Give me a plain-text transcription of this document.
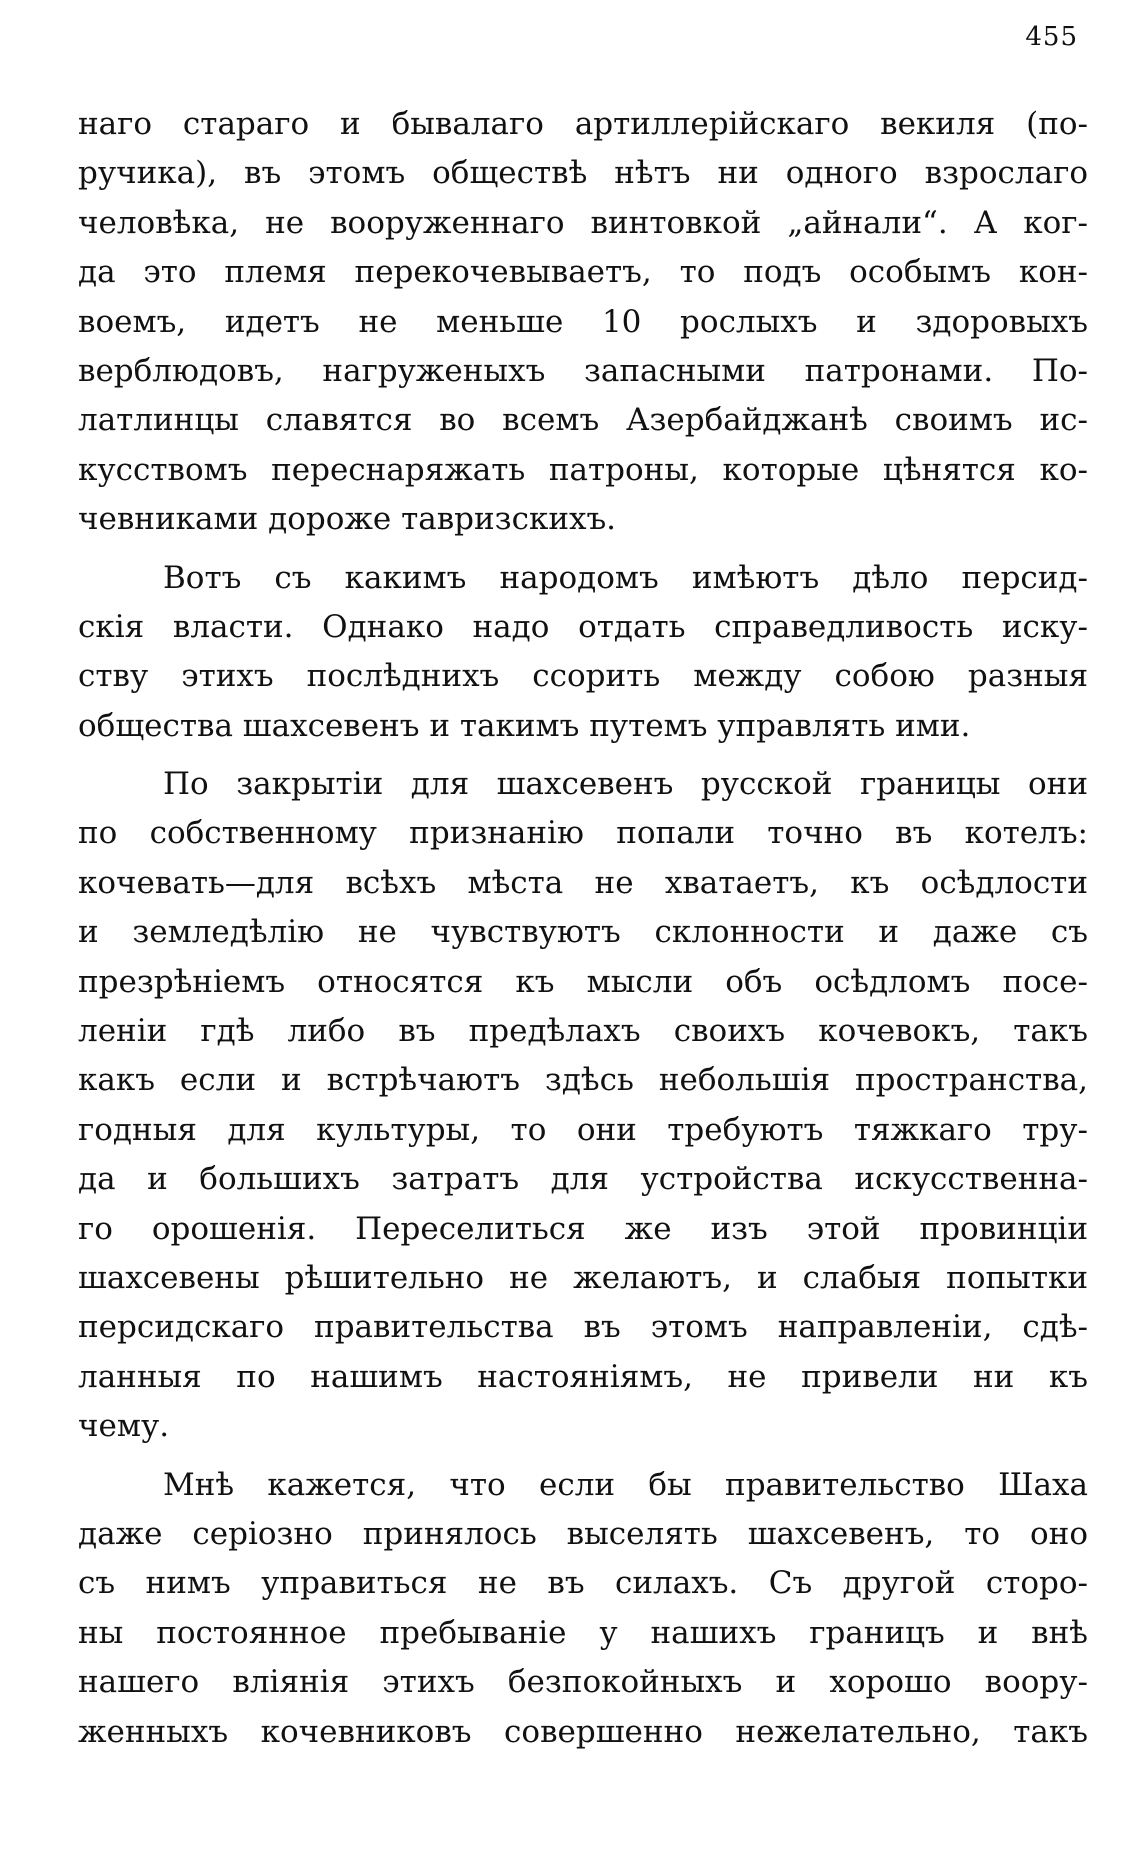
455
наго стараго и бывалаго артиллерійскаго векиля (по-
ручика), въ этомъ обществѣ нѣтъ ни одного взрослаго
человѣка, не вооруженнаго винтовкой „айнали“. А ког-
да это племя перекочевываетъ, то подъ особымъ кон-
воемъ, идетъ не меньше 10 рослыхъ и здоровыхъ
верблюдовъ, нагруженыхъ запасными патронами. По-
латлинцы славятся во всемъ Азербайджанѣ своимъ ис-
кусствомъ переснаряжать патроны, которые цѣнятся ко-
чевниками дороже тавризскихъ.
Вотъ съ какимъ народомъ имѣютъ дѣло персид-
скія власти. Однако надо отдать справедливость иску-
ству этихъ послѣднихъ ссорить между собою разныя
общества шахсевенъ и такимъ путемъ управлять ими.
По закрытіи для шахсевенъ русской границы они
по собственному признанію попали точно въ котелъ:
кочевать—для всѣхъ мѣста не хватаетъ, къ осѣдлости
и земледѣлію не чувствуютъ склонности и даже съ
презрѣніемъ относятся къ мысли объ осѣдломъ посе-
леніи гдѣ либо въ предѣлахъ своихъ кочевокъ, такъ
какъ если и встрѣчаютъ здѣсь небольшія пространства,
годныя для культуры, то они требуютъ тяжкаго тру-
да и большихъ затратъ для устройства искусственна-
го орошенія. Переселиться же изъ этой провинціи
шахсевены рѣшительно не желаютъ, и слабыя попытки
персидскаго правительства въ этомъ направленіи, сдѣ-
ланныя по нашимъ настояніямъ, не привели ни къ
чему.
Мнѣ кажется, что если бы правительство Шаха
даже серіозно принялось выселять шахсевенъ, то оно
съ нимъ управиться не въ силахъ. Съ другой сторо-
ны постоянное пребываніе у нашихъ границъ и внѣ
нашего вліянія этихъ безпокойныхъ и хорошо воору-
женныхъ кочевниковъ совершенно нежелательно, такъ
